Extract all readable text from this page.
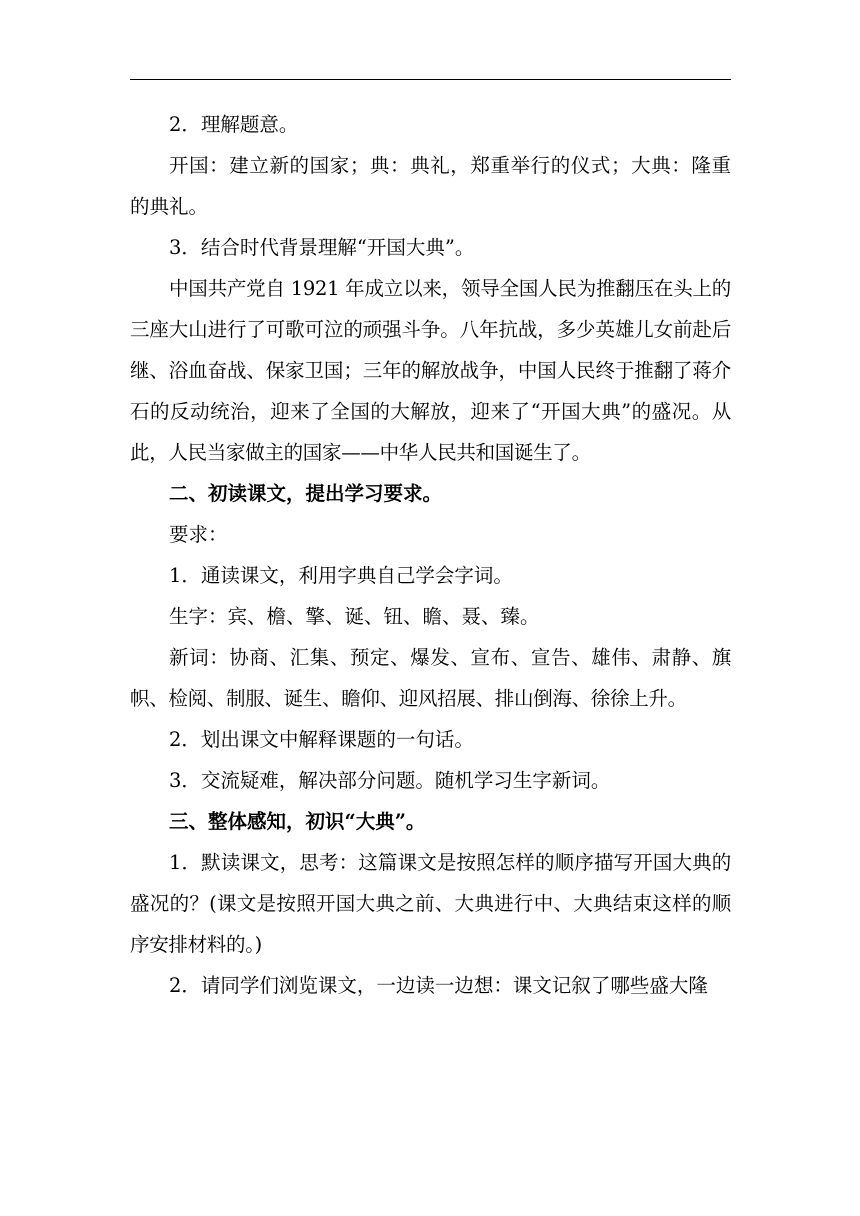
2．理解题意。

开国：建立新的国家；典：典礼，郑重举行的仪式；大典：隆重的典礼。

3．结合时代背景理解“开国大典”。

中国共产党自 1921 年成立以来，领导全国人民为推翻压在头上的三座大山进行了可歌可泣的顽强斗争。八年抗战，多少英雄儿女前赴后继、浴血奋战、保家卫国；三年的解放战争，中国人民终于推翻了蒋介石的反动统治，迎来了全国的大解放，迎来了“开国大典”的盛况。从此，人民当家做主的国家——中华人民共和国诞生了。

二、初读课文，提出学习要求。

要求：

1．通读课文，利用字典自己学会字词。

生字：宾、檐、擎、诞、钮、瞻、聂、臻。

新词：协商、汇集、预定、爆发、宣布、宣告、雄伟、肃静、旗帜、检阅、制服、诞生、瞻仰、迎风招展、排山倒海、徐徐上升。

2．划出课文中解释课题的一句话。

3．交流疑难，解决部分问题。随机学习生字新词。

三、整体感知，初识“大典”。

1．默读课文，思考：这篇课文是按照怎样的顺序描写开国大典的盛况的？(课文是按照开国大典之前、大典进行中、大典结束这样的顺序安排材料的。)

2．请同学们浏览课文，一边读一边想：课文记叙了哪些盛大隆
